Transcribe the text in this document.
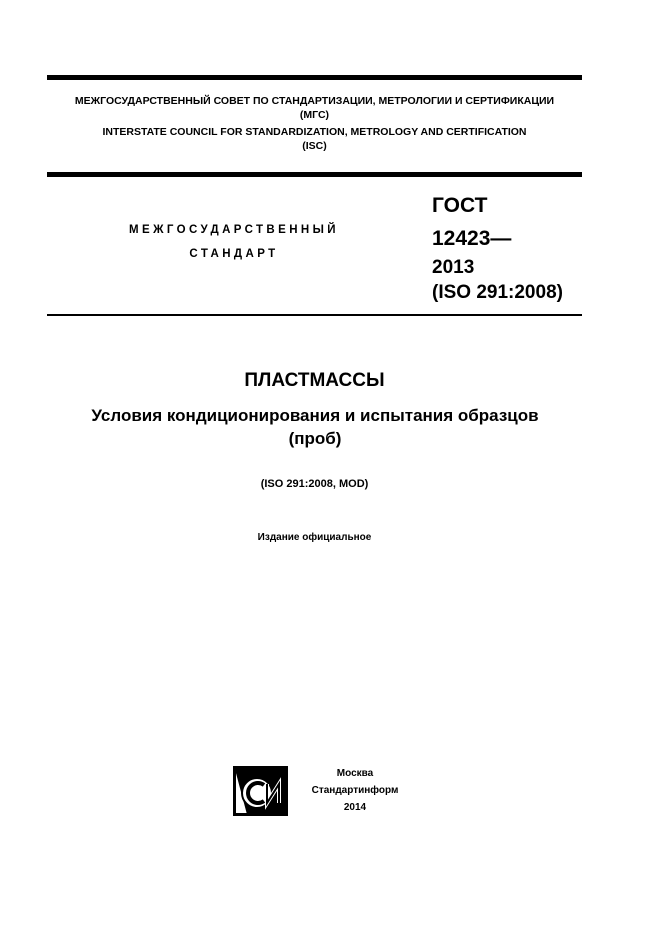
МЕЖГОСУДАРСТВЕННЫЙ СОВЕТ ПО СТАНДАРТИЗАЦИИ, МЕТРОЛОГИИ И СЕРТИФИКАЦИИ
(МГС)
INTERSTATE COUNCIL FOR STANDARDIZATION, METROLOGY AND CERTIFICATION
(ISC)
МЕЖГОСУДАРСТВЕННЫЙ
СТАНДАРТ
ГОСТ
12423—
2013
(ISO 291:2008)
ПЛАСТМАССЫ
Условия кондиционирования и испытания образцов
(проб)
(ISO 291:2008, MOD)
Издание официальное
Москва
Стандартинформ
2014
